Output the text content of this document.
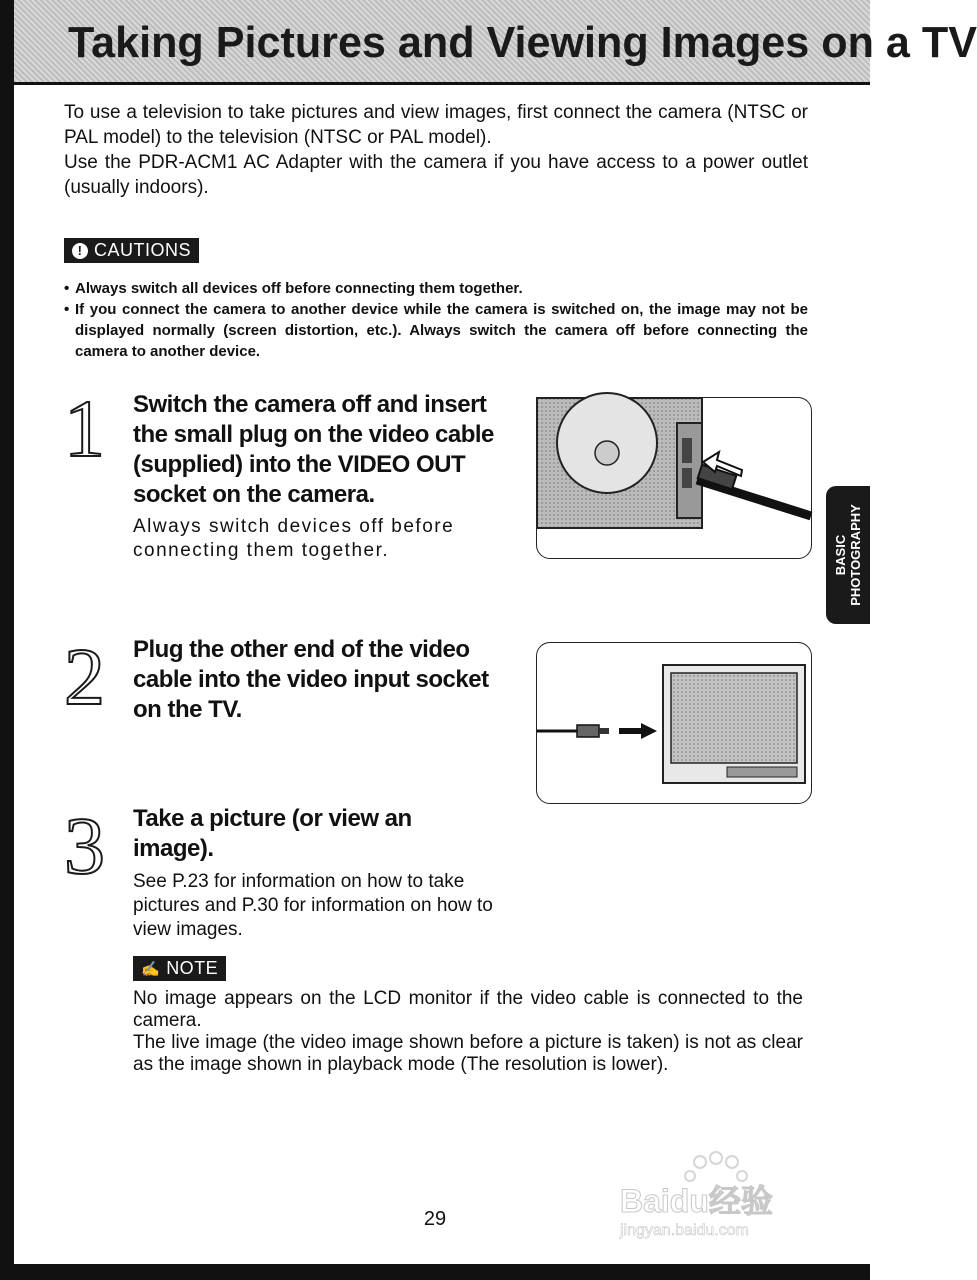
Taking Pictures and Viewing Images on a TV

To use a television to take pictures and view images, first connect the camera (NTSC or PAL model) to the television (NTSC or PAL model).

Use the PDR-ACM1 AC Adapter with the camera if you have access to a power outlet (usually indoors).

! CAUTIONS
• Always switch all devices off before connecting them together.
• If you connect the camera to another device while the camera is switched on, the image may not be displayed normally (screen distortion, etc.). Always switch the camera off before connecting the camera to another device.
1 Switch the camera off and insert the small plug on the video cable (supplied) into the VIDEO OUT socket on the camera.

Always switch devices off before connecting them together.

2 Plug the other end of the video cable into the video input socket on the TV.
BASIC PHOTOGRAPHY
3 Take a picture (or view an image).

See P.23 for information on how to take pictures and P.30 for information on how to view images.

✍ NOTE

No image appears on the LCD monitor if the video cable is connected to the camera.

The live image (the video image shown before a picture is taken) is not as clear as the image shown in playback mode (The resolution is lower).

29	Baidu经验
jingyan.baidu.com
